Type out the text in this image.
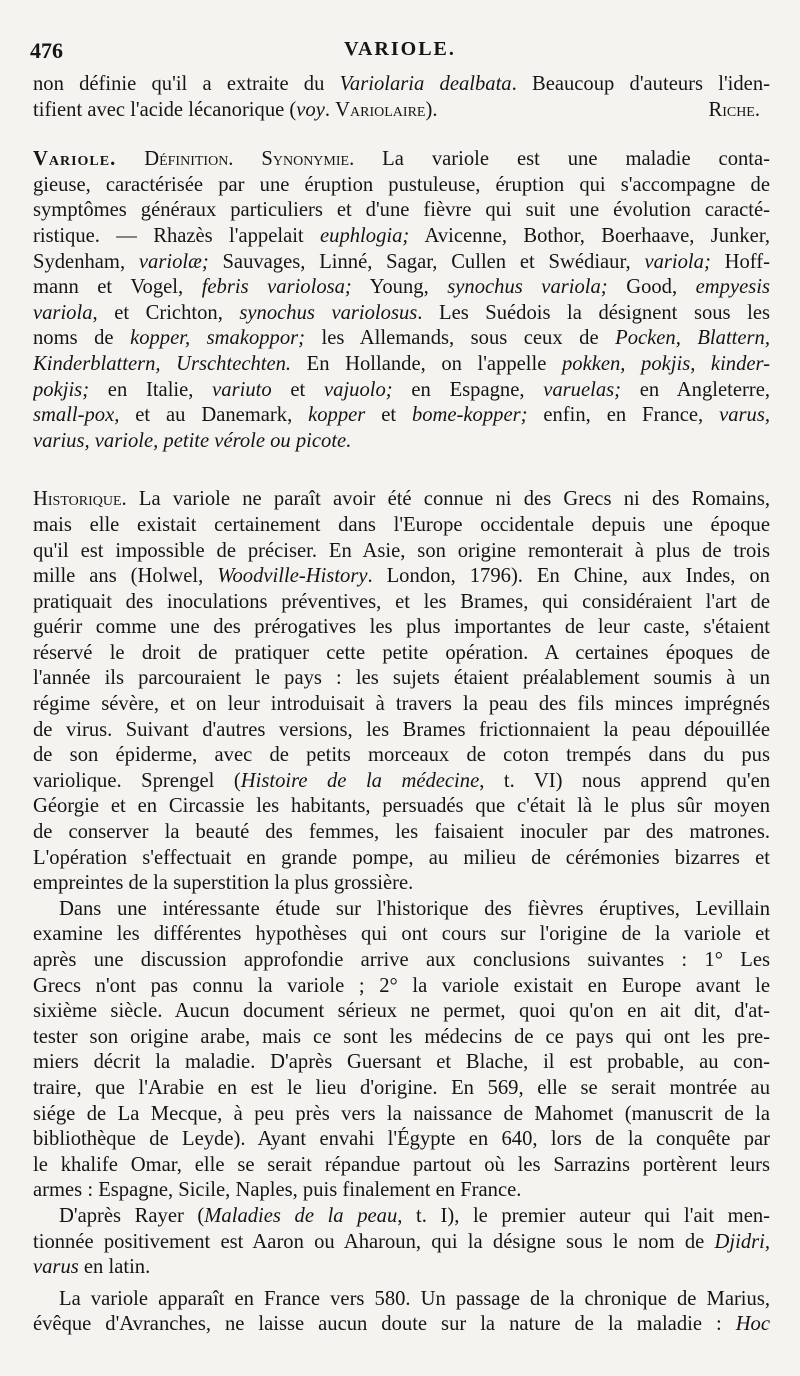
476	VARIOLE.
non définie qu'il a extraite du Variolaria dealbata. Beaucoup d'auteurs l'iden-
tifient avec l'acide lécanorique (voy. Variolaire).	Riche.
Variole. Définition. Synonymie. La variole est une maladie conta-
gieuse, caractérisée par une éruption pustuleuse, éruption qui s'accompagne de
symptômes généraux particuliers et d'une fièvre qui suit une évolution caracté-
ristique. — Rhazès l'appelait euphlogia; Avicenne, Bothor, Boerhaave, Junker,
Sydenham, variolæ; Sauvages, Linné, Sagar, Cullen et Swédiaur, variola; Hoff-
mann et Vogel, febris variolosa; Young, synochus variola; Good, empyesis
variola, et Crichton, synochus variolosus. Les Suédois la désignent sous les
noms de kopper, smakoppor; les Allemands, sous ceux de Pocken, Blattern,
Kinderblattern, Urschtechten. En Hollande, on l'appelle pokken, pokjis, kinder-
pokjis; en Italie, variuto et vajuolo; en Espagne, varuelas; en Angleterre,
small-pox, et au Danemark, kopper et bome-kopper; enfin, en France, varus,
varius, variole, petite vérole ou picote.
Historique. La variole ne paraît avoir été connue ni des Grecs ni des Romains,
mais elle existait certainement dans l'Europe occidentale depuis une époque
qu'il est impossible de préciser. En Asie, son origine remonterait à plus de trois
mille ans (Holwel, Woodville-History. London, 1796). En Chine, aux Indes, on
pratiquait des inoculations préventives, et les Brames, qui considéraient l'art de
guérir comme une des prérogatives les plus importantes de leur caste, s'étaient
réservé le droit de pratiquer cette petite opération. A certaines époques de
l'année ils parcouraient le pays : les sujets étaient préalablement soumis à un
régime sévère, et on leur introduisait à travers la peau des fils minces imprégnés
de virus. Suivant d'autres versions, les Brames frictionnaient la peau dépouillée
de son épiderme, avec de petits morceaux de coton trempés dans du pus
variolique. Sprengel (Histoire de la médecine, t. VI) nous apprend qu'en
Géorgie et en Circassie les habitants, persuadés que c'était là le plus sûr moyen
de conserver la beauté des femmes, les faisaient inoculer par des matrones.
L'opération s'effectuait en grande pompe, au milieu de cérémonies bizarres et
empreintes de la superstition la plus grossière.
Dans une intéressante étude sur l'historique des fièvres éruptives, Levillain
examine les différentes hypothèses qui ont cours sur l'origine de la variole et
après une discussion approfondie arrive aux conclusions suivantes : 1° Les
Grecs n'ont pas connu la variole ; 2° la variole existait en Europe avant le
sixième siècle. Aucun document sérieux ne permet, quoi qu'on en ait dit, d'at-
tester son origine arabe, mais ce sont les médecins de ce pays qui ont les pre-
miers décrit la maladie. D'après Guersant et Blache, il est probable, au con-
traire, que l'Arabie en est le lieu d'origine. En 569, elle se serait montrée au
siége de La Mecque, à peu près vers la naissance de Mahomet (manuscrit de la
bibliothèque de Leyde). Ayant envahi l'Égypte en 640, lors de la conquête par
le khalife Omar, elle se serait répandue partout où les Sarrazins portèrent leurs
armes : Espagne, Sicile, Naples, puis finalement en France.
D'après Rayer (Maladies de la peau, t. I), le premier auteur qui l'ait men-
tionnée positivement est Aaron ou Aharoun, qui la désigne sous le nom de Djidri,
varus en latin.
La variole apparaît en France vers 580. Un passage de la chronique de Marius,
évêque d'Avranches, ne laisse aucun doute sur la nature de la maladie : Hoc
